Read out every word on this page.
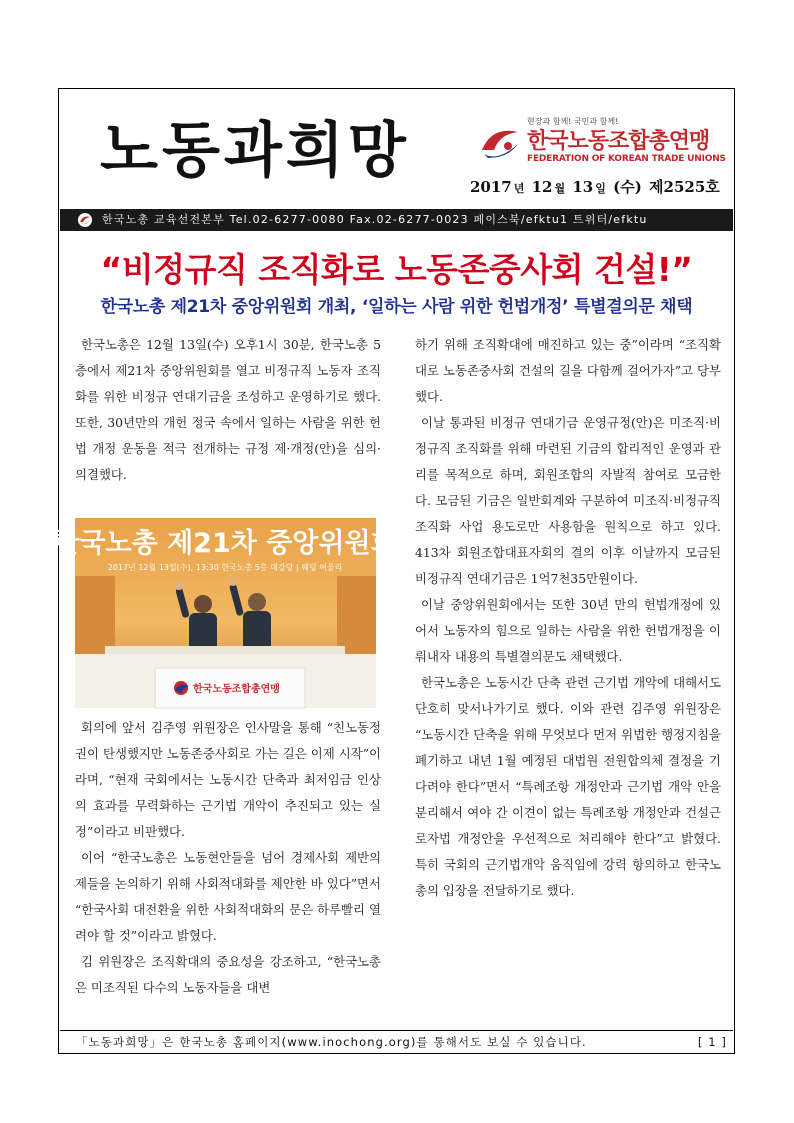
노동과희망	현장과 함께! 국민과 함께!
한국노동조합총연맹
FEDERATION OF KOREAN TRADE UNIONS
2017 년 12 월 13 일 (수) 제2525호
한국노총 교육선전본부 Tel.02-6277-0080 Fax.02-6277-0023 페이스북/efktu1 트위터/efktu
“비정규직 조직화로 노동존중사회 건설!”
한국노총 제21차 중앙위원회 개최, ‘일하는 사람 위한 헌법개정’ 특별결의문 채택

한국노총은 12월 13일(수) 오후1시 30분, 한국노총 5층에서 제21차 중앙위원회를 열고 비정규직 노동자 조직화를 위한 비정규 연대기금을 조성하고 운영하기로 했다. 또한, 30년만의 개헌 정국 속에서 일하는 사람을 위한 헌법 개정 운동을 적극 전개하는 규정 제·개정(안)을 심의·의결했다.

한국노총 제21차 중앙위원회
2017년 12월 13일(수), 13:30 한국노총 5층 대강당 | 웨딩 여울리
한국노동조합총연맹

회의에 앞서 김주영 위원장은 인사말을 통해 “친노동정권이 탄생했지만 노동존중사회로 가는 길은 이제 시작”이라며, “현재 국회에서는 노동시간 단축과 최저임금 인상의 효과를 무력화하는 근기법 개악이 추진되고 있는 실정”이라고 비판했다.

이어 “한국노총은 노동현안들을 넘어 경제사회 제반의제들을 논의하기 위해 사회적대화를 제안한 바 있다”면서 “한국사회 대전환을 위한 사회적대화의 문은 하루빨리 열려야 할 것”이라고 밝혔다.

김 위원장은 조직확대의 중요성을 강조하고, “한국노총은 미조직된 다수의 노동자들을 대변

하기 위해 조직확대에 매진하고 있는 중”이라며 “조직확대로 노동존중사회 건설의 길을 다함께 걸어가자”고 당부했다.

이날 통과된 비정규 연대기금 운영규정(안)은 미조직·비정규직 조직화를 위해 마련된 기금의 합리적인 운영과 관리를 목적으로 하며, 회원조합의 자발적 참여로 모금한다. 모금된 기금은 일반회계와 구분하여 미조직·비정규직 조직화 사업 용도로만 사용함을 원칙으로 하고 있다. 413차 회원조합대표자회의 결의 이후 이날까지 모금된 비정규직 연대기금은 1억7천35만원이다.

이날 중앙위원회에서는 또한 30년 만의 헌법개정에 있어서 노동자의 힘으로 일하는 사람을 위한 헌법개정을 이뤄내자 내용의 특별결의문도 채택했다.

한국노총은 노동시간 단축 관련 근기법 개악에 대해서도 단호히 맞서나가기로 했다. 이와 관련 김주영 위원장은 “노동시간 단축을 위해 무엇보다 먼저 위법한 행정지침을 폐기하고 내년 1월 예정된 대법원 전원합의체 결정을 기다려야 한다”면서 “특례조항 개정안과 근기법 개악 안을 분리해서 여야 간 이견이 없는 특례조항 개정안과 건설근로자법 개정안을 우선적으로 처리해야 한다”고 밝혔다. 특히 국회의 근기법개악 움직임에 강력 항의하고 한국노총의 입장을 전달하기로 했다.

「노동과희망」은 한국노총 홈페이지(www.inochong.org)를 통해서도 보실 수 있습니다.	[ 1 ]
